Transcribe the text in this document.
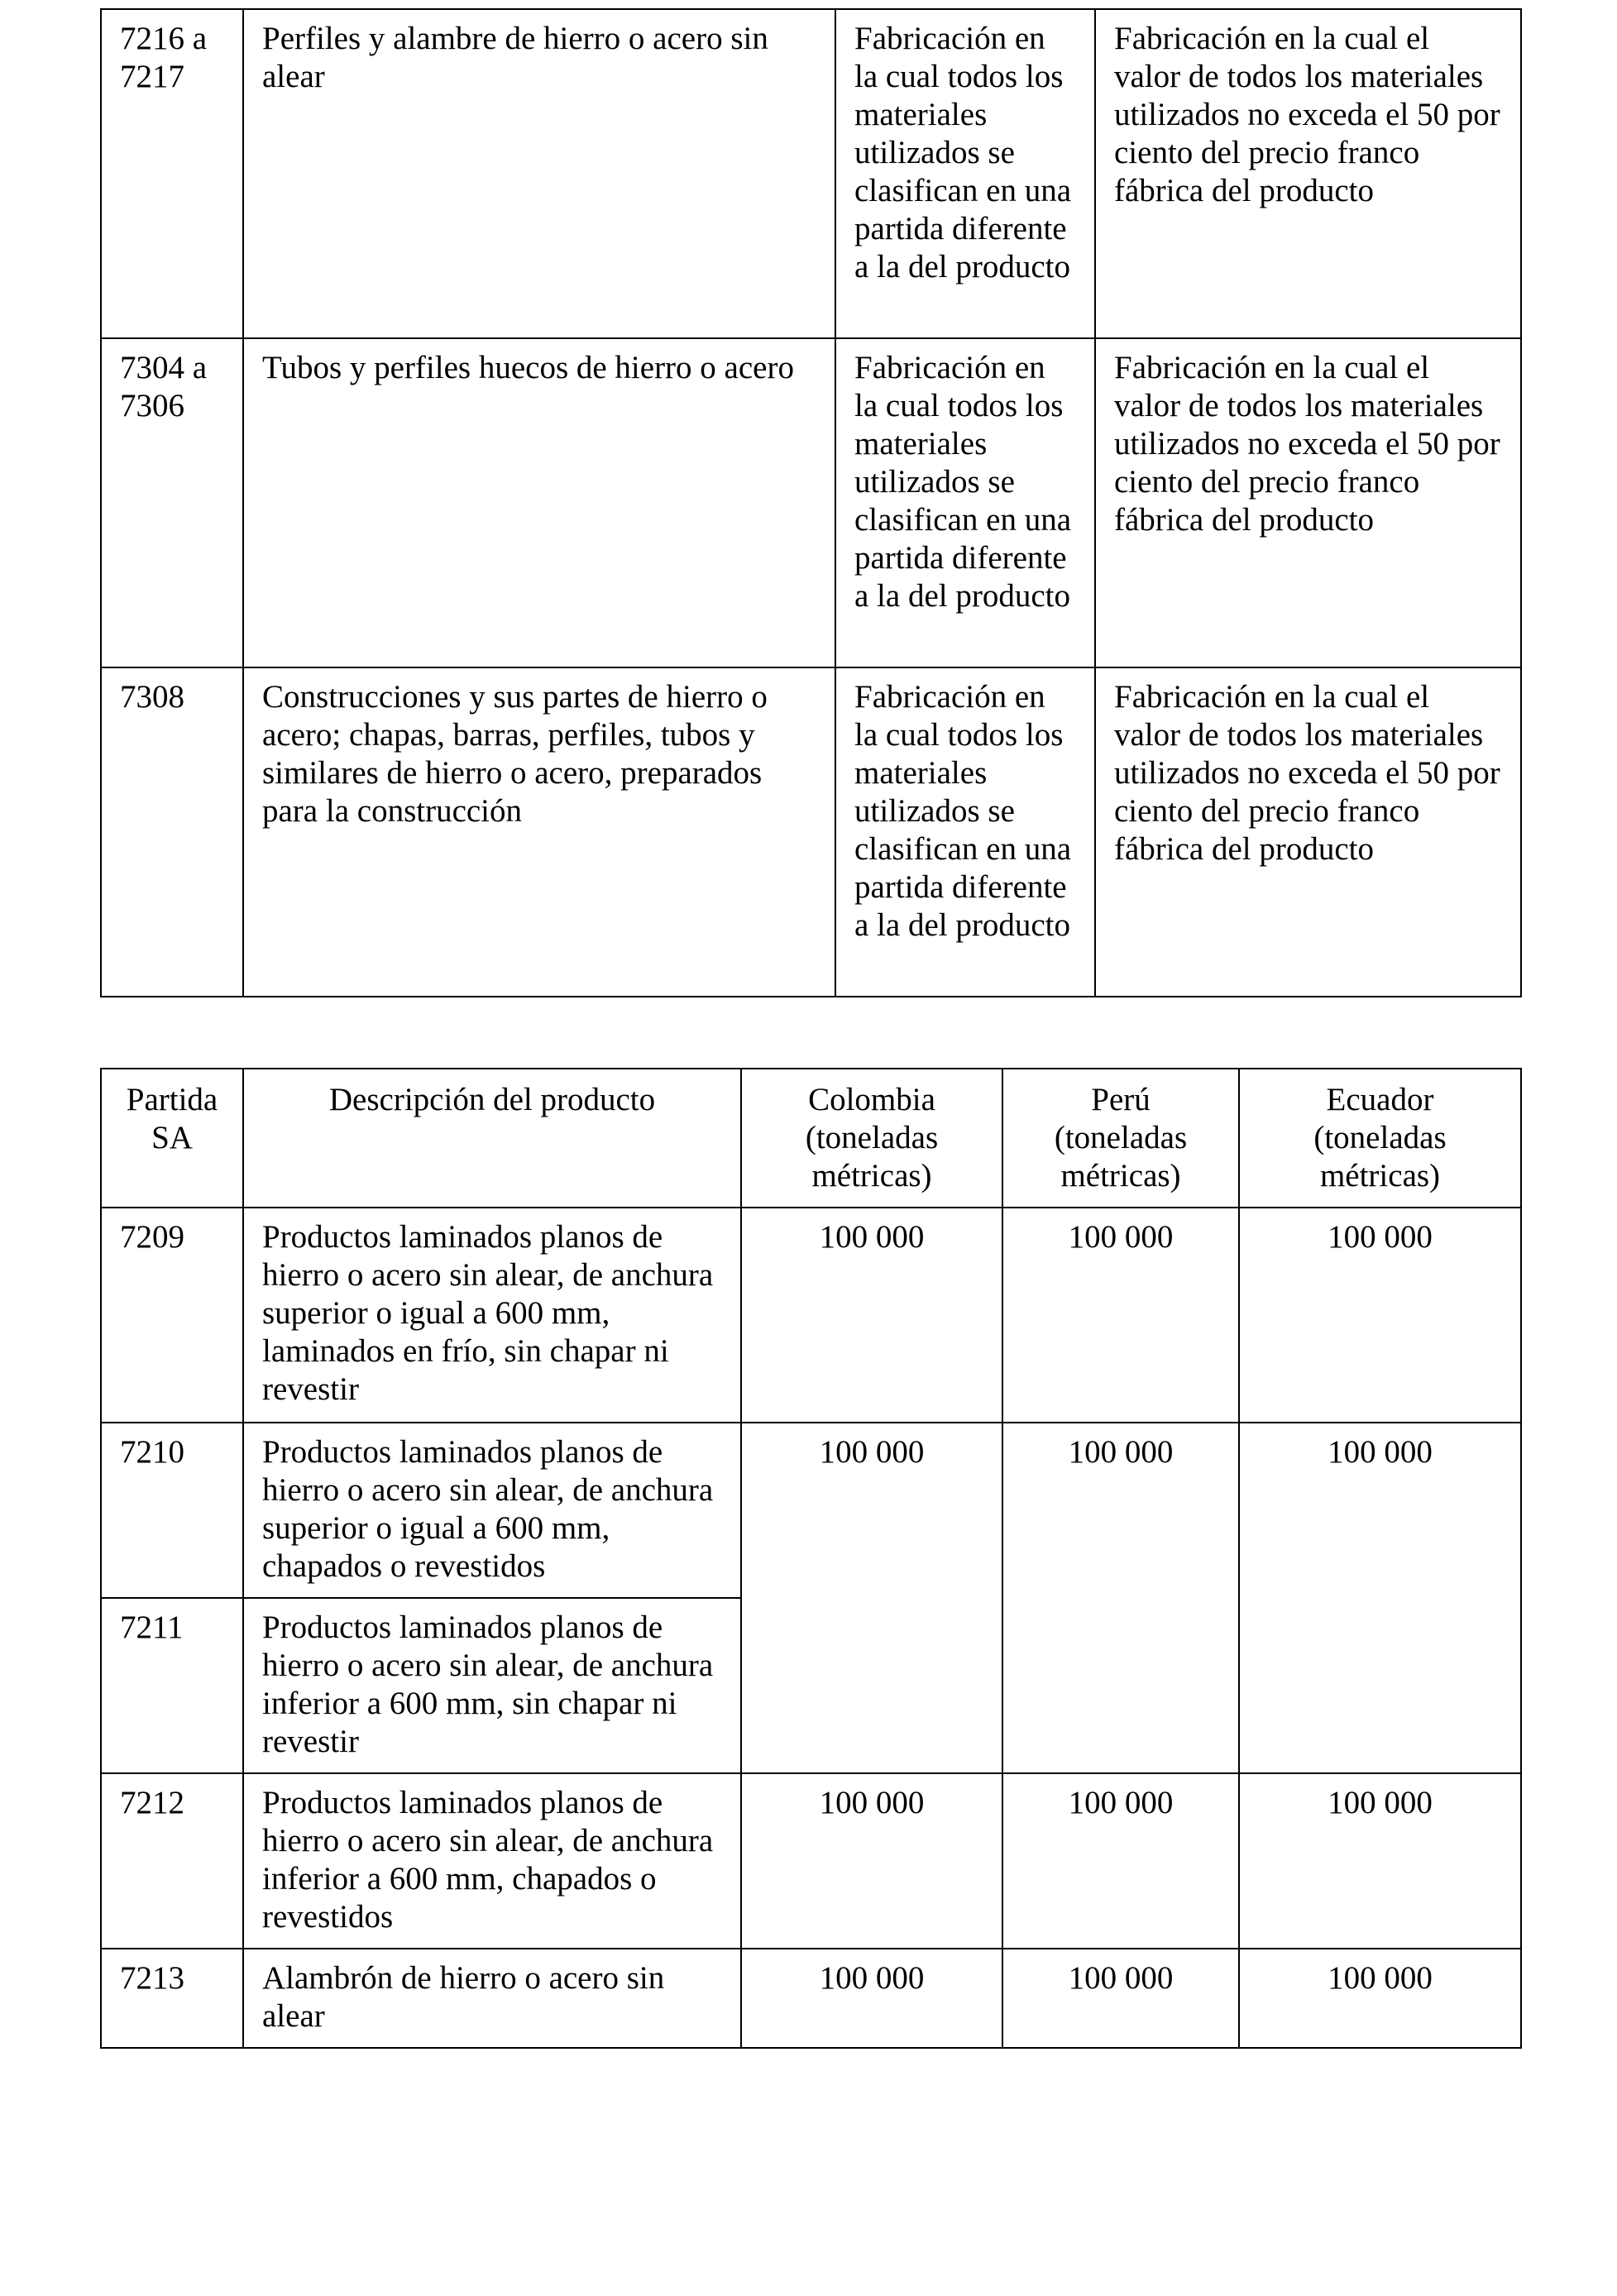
7216 a 7217	Perfiles y alambre de hierro o acero sin alear	Fabricación en la cual todos los materiales utilizados se clasifican en una partida diferente a la del producto	Fabricación en la cual el valor de todos los materiales utilizados no exceda el 50 por ciento del precio franco fábrica del producto
7304 a 7306	Tubos y perfiles huecos de hierro o acero	Fabricación en la cual todos los materiales utilizados se clasifican en una partida diferente a la del producto	Fabricación en la cual el valor de todos los materiales utilizados no exceda el 50 por ciento del precio franco fábrica del producto
7308	Construcciones y sus partes de hierro o acero; chapas, barras, perfiles, tubos y similares de hierro o acero, preparados para la construcción	Fabricación en la cual todos los materiales utilizados se clasifican en una partida diferente a la del producto	Fabricación en la cual el valor de todos los materiales utilizados no exceda el 50 por ciento del precio franco fábrica del producto
Partida SA	Descripción del producto	Colombia (toneladas métricas)	Perú (toneladas métricas)	Ecuador (toneladas métricas)
7209	Productos laminados planos de hierro o acero sin alear, de anchura superior o igual a 600 mm, laminados en frío, sin chapar ni revestir	100 000	100 000	100 000
7210	Productos laminados planos de hierro o acero sin alear, de anchura superior o igual a 600 mm, chapados o revestidos	100 000	100 000	100 000
7211	Productos laminados planos de hierro o acero sin alear, de anchura inferior a 600 mm, sin chapar ni revestir			
7212	Productos laminados planos de hierro o acero sin alear, de anchura inferior a 600 mm, chapados o revestidos	100 000	100 000	100 000
7213	Alambrón de hierro o acero sin alear	100 000	100 000	100 000
